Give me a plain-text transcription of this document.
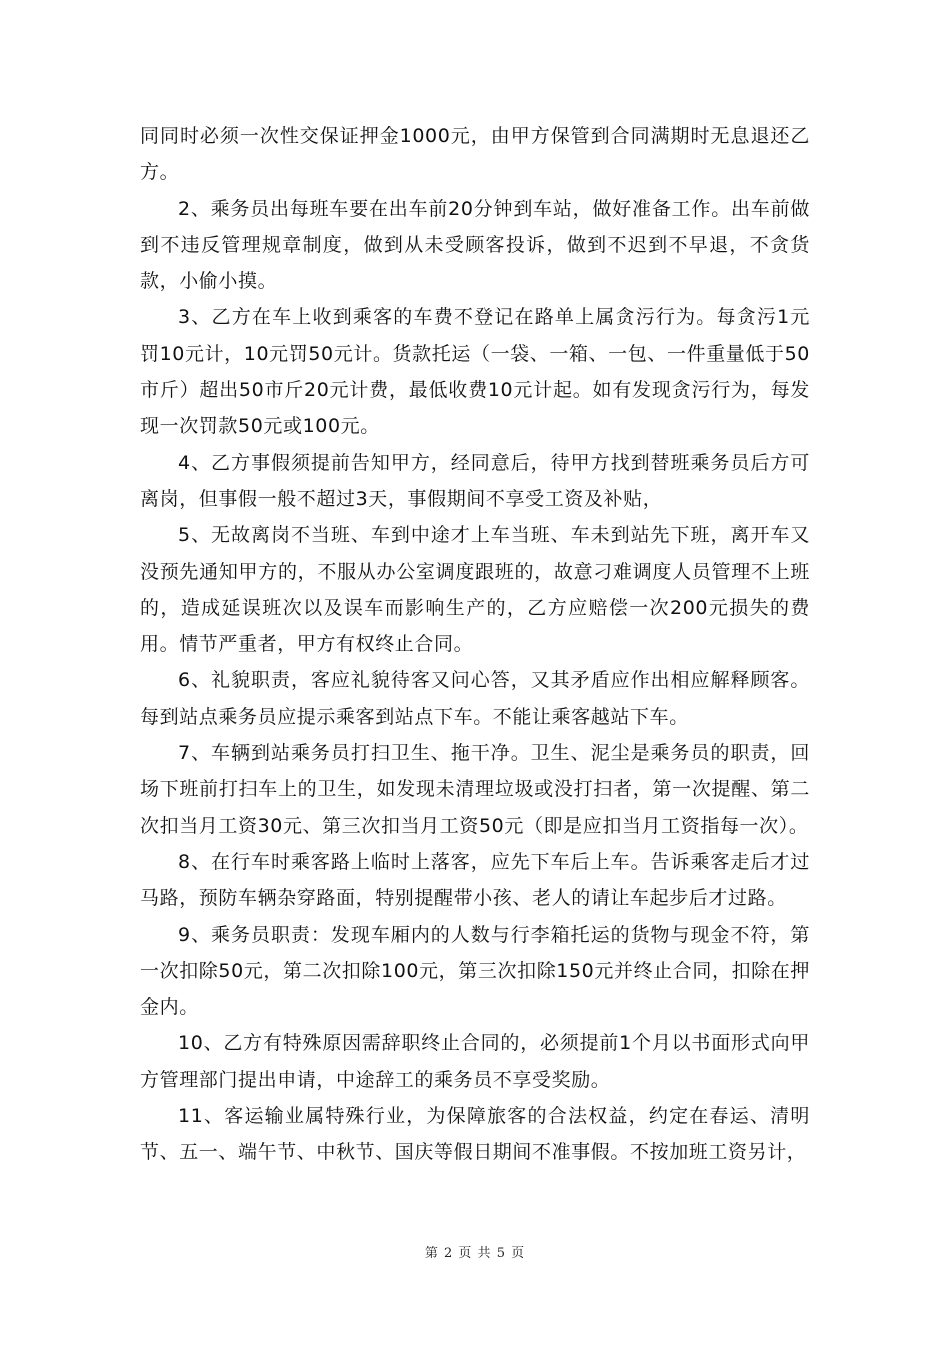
同同时必须一次性交保证押金1000元，由甲方保管到合同满期时无息退还乙方。

2、乘务员出每班车要在出车前20分钟到车站，做好准备工作。出车前做到不违反管理规章制度，做到从未受顾客投诉，做到不迟到不早退，不贪货款，小偷小摸。

3、乙方在车上收到乘客的车费不登记在路单上属贪污行为。每贪污1元罚10元计，10元罚50元计。货款托运（一袋、一箱、一包、一件重量低于50市斤）超出50市斤20元计费，最低收费10元计起。如有发现贪污行为，每发现一次罚款50元或100元。

4、乙方事假须提前告知甲方，经同意后，待甲方找到替班乘务员后方可离岗，但事假一般不超过3天，事假期间不享受工资及补贴，

5、无故离岗不当班、车到中途才上车当班、车未到站先下班，离开车又没预先通知甲方的，不服从办公室调度跟班的，故意刁难调度人员管理不上班的，造成延误班次以及误车而影响生产的，乙方应赔偿一次200元损失的费用。情节严重者，甲方有权终止合同。

6、礼貌职责，客应礼貌待客又问心答，又其矛盾应作出相应解释顾客。每到站点乘务员应提示乘客到站点下车。不能让乘客越站下车。

7、车辆到站乘务员打扫卫生、拖干净。卫生、泥尘是乘务员的职责，回场下班前打扫车上的卫生，如发现未清理垃圾或没打扫者，第一次提醒、第二次扣当月工资30元、第三次扣当月工资50元（即是应扣当月工资指每一次）。

8、在行车时乘客路上临时上落客，应先下车后上车。告诉乘客走后才过马路，预防车辆杂穿路面，特别提醒带小孩、老人的请让车起步后才过路。

9、乘务员职责：发现车厢内的人数与行李箱托运的货物与现金不符，第一次扣除50元，第二次扣除100元，第三次扣除150元并终止合同，扣除在押金内。

10、乙方有特殊原因需辞职终止合同的，必须提前1个月以书面形式向甲方管理部门提出申请，中途辞工的乘务员不享受奖励。

11、客运输业属特殊行业，为保障旅客的合法权益，约定在春运、清明节、五一、端午节、中秋节、国庆等假日期间不准事假。不按加班工资另计，

第 2 页 共 5 页
